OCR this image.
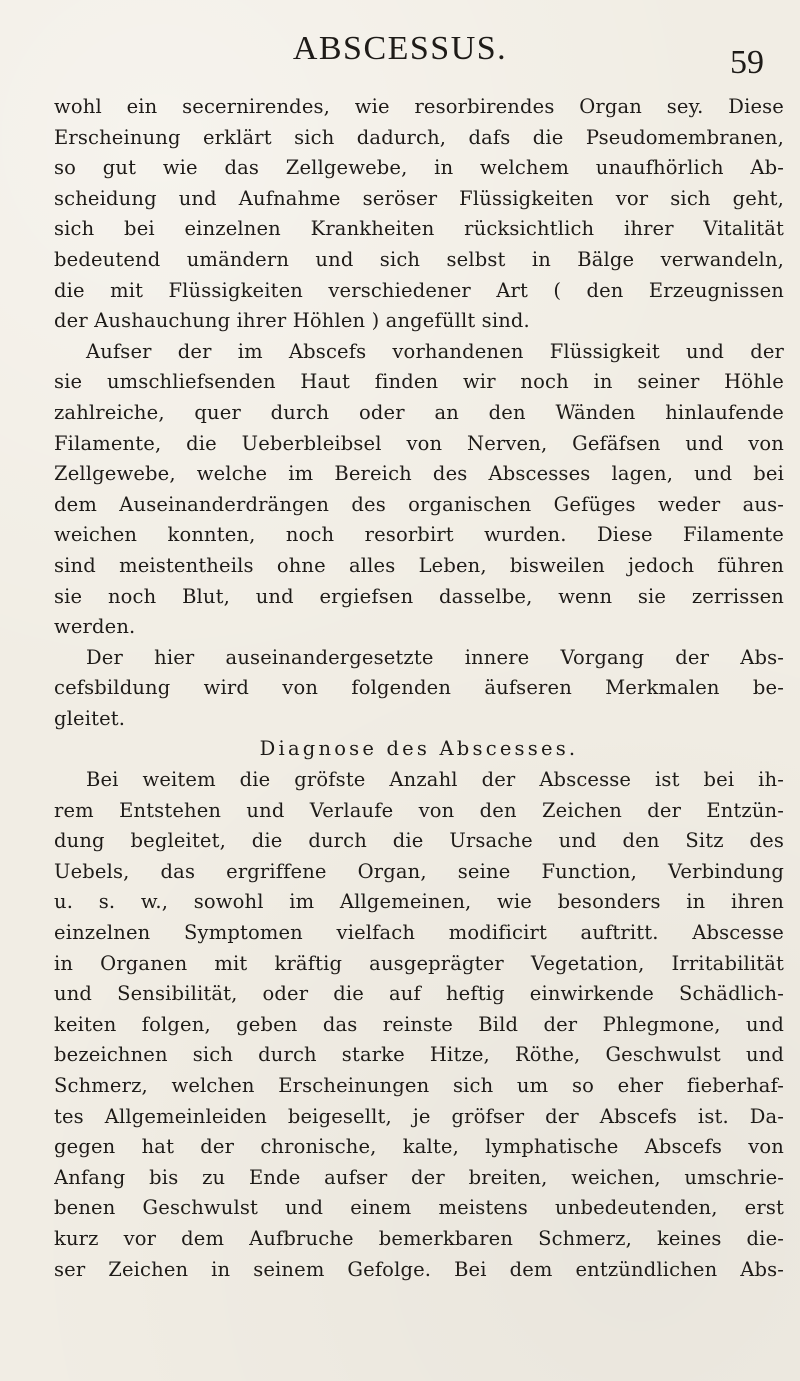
ABSCESSUS.	59
wohl ein secernirendes, wie resorbirendes Organ sey. Diese
Erscheinung erklärt sich dadurch, dafs die Pseudomembranen,
so gut wie das Zellgewebe, in welchem unaufhörlich Ab-
scheidung und Aufnahme seröser Flüssigkeiten vor sich geht,
sich bei einzelnen Krankheiten rücksichtlich ihrer Vitalität
bedeutend umändern und sich selbst in Bälge verwandeln,
die mit Flüssigkeiten verschiedener Art ( den Erzeugnissen
der Aushauchung ihrer Höhlen ) angefüllt sind.
Aufser der im Abscefs vorhandenen Flüssigkeit und der
sie umschliefsenden Haut finden wir noch in seiner Höhle
zahlreiche, quer durch oder an den Wänden hinlaufende
Filamente, die Ueberbleibsel von Nerven, Gefäfsen und von
Zellgewebe, welche im Bereich des Abscesses lagen, und bei
dem Auseinanderdrängen des organischen Gefüges weder aus-
weichen konnten, noch resorbirt wurden. Diese Filamente
sind meistentheils ohne alles Leben, bisweilen jedoch führen
sie noch Blut, und ergiefsen dasselbe, wenn sie zerrissen
werden.
Der hier auseinandergesetzte innere Vorgang der Abs-
cefsbildung wird von folgenden äufseren Merkmalen be-
gleitet.
Diagnose des Abscesses.
Bei weitem die gröfste Anzahl der Abscesse ist bei ih-
rem Entstehen und Verlaufe von den Zeichen der Entzün-
dung begleitet, die durch die Ursache und den Sitz des
Uebels, das ergriffene Organ, seine Function, Verbindung
u. s. w., sowohl im Allgemeinen, wie besonders in ihren
einzelnen Symptomen vielfach modificirt auftritt. Abscesse
in Organen mit kräftig ausgeprägter Vegetation, Irritabilität
und Sensibilität, oder die auf heftig einwirkende Schädlich-
keiten folgen, geben das reinste Bild der Phlegmone, und
bezeichnen sich durch starke Hitze, Röthe, Geschwulst und
Schmerz, welchen Erscheinungen sich um so eher fieberhaf-
tes Allgemeinleiden beigesellt, je gröfser der Abscefs ist. Da-
gegen hat der chronische, kalte, lymphatische Abscefs von
Anfang bis zu Ende aufser der breiten, weichen, umschrie-
benen Geschwulst und einem meistens unbedeutenden, erst
kurz vor dem Aufbruche bemerkbaren Schmerz, keines die-
ser Zeichen in seinem Gefolge. Bei dem entzündlichen Abs-
